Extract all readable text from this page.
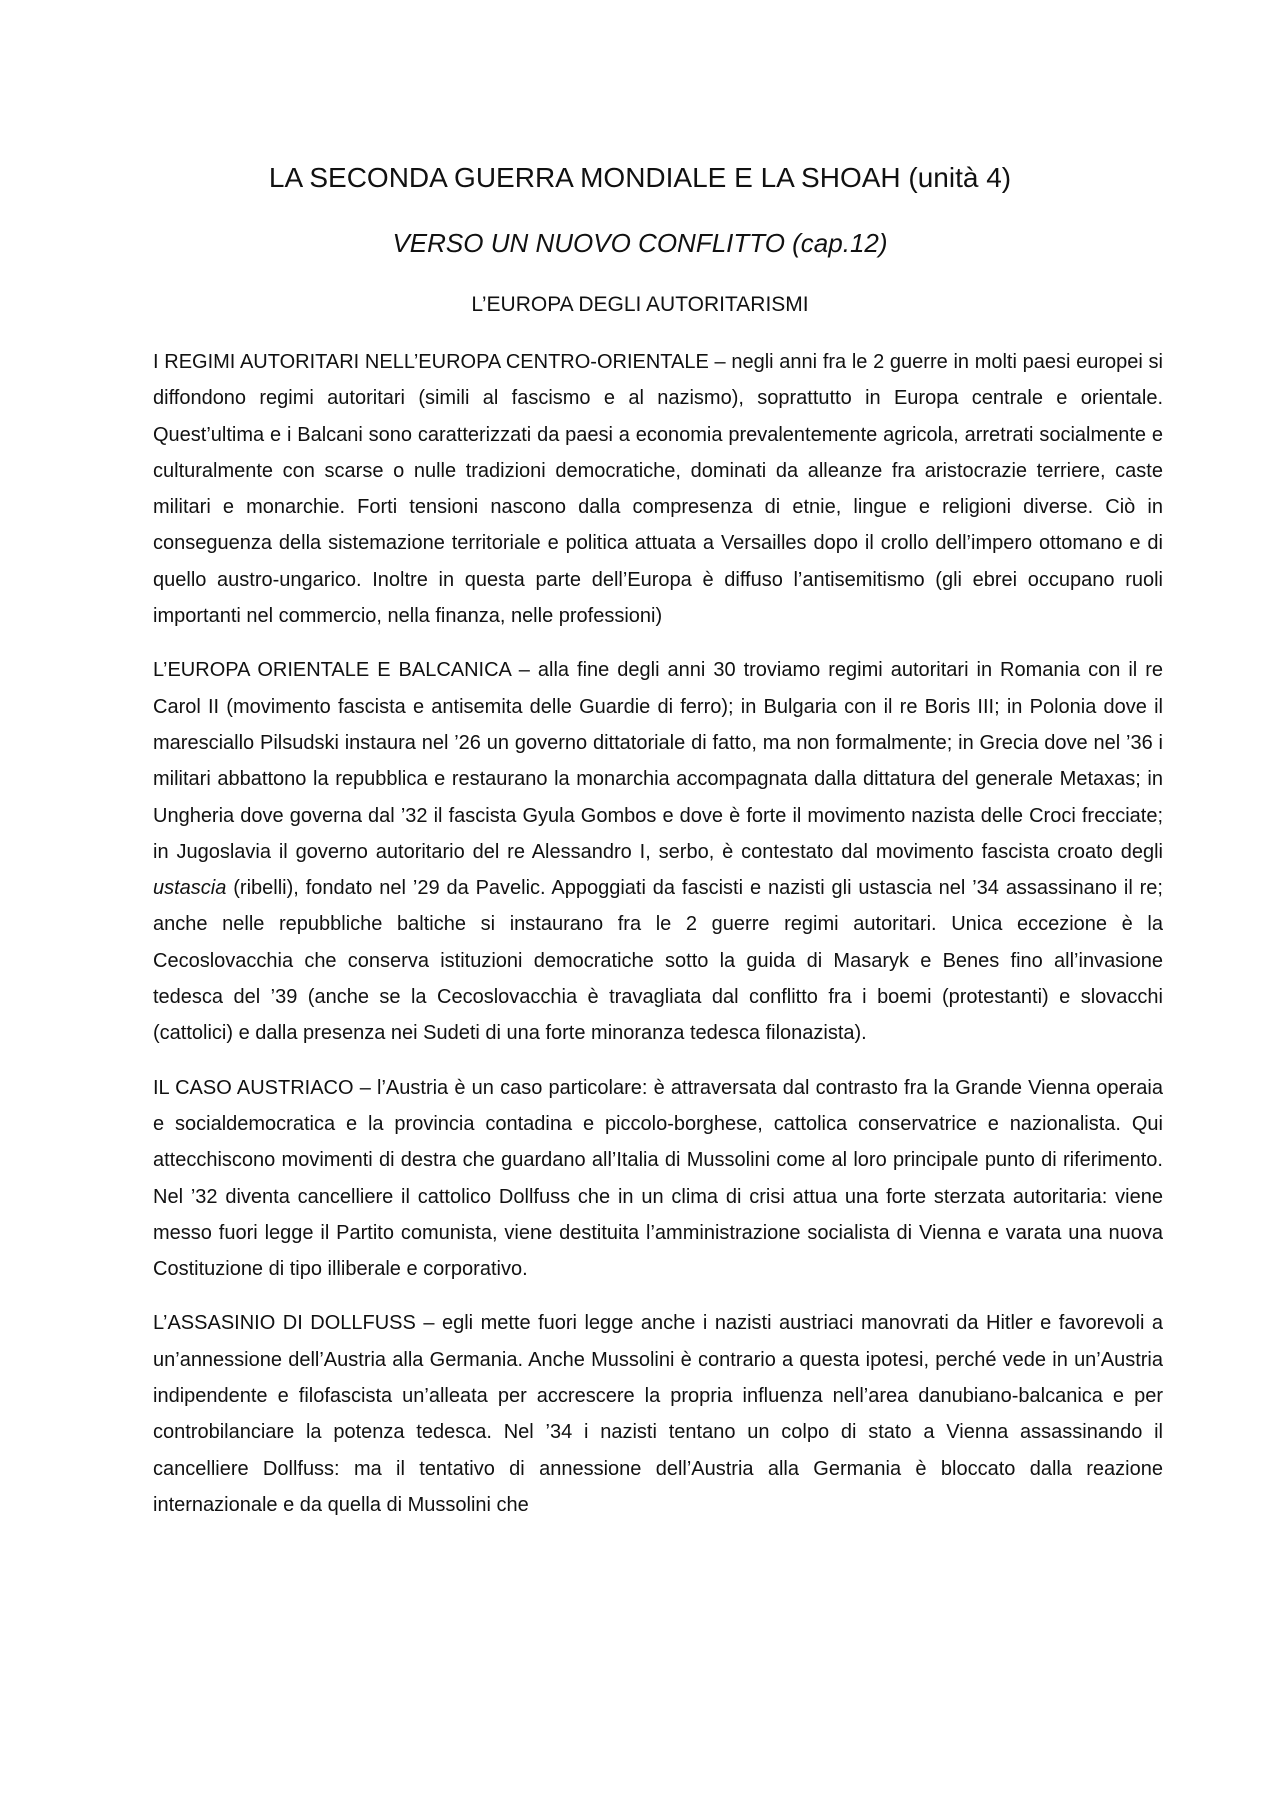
LA SECONDA GUERRA MONDIALE E LA SHOAH (unità 4)
VERSO UN NUOVO CONFLITTO (cap.12)
L’EUROPA DEGLI AUTORITARISMI

I REGIMI AUTORITARI NELL’EUROPA CENTRO-ORIENTALE – negli anni fra le 2 guerre in molti paesi europei si diffondono regimi autoritari (simili al fascismo e al nazismo), soprattutto in Europa centrale e orientale. Quest’ultima e i Balcani sono caratterizzati da paesi a economia prevalentemente agricola, arretrati socialmente e culturalmente con scarse o nulle tradizioni democratiche, dominati da alleanze fra aristocrazie terriere, caste militari e monarchie. Forti tensioni nascono dalla compresenza di etnie, lingue e religioni diverse. Ciò in conseguenza della sistemazione territoriale e politica attuata a Versailles dopo il crollo dell’impero ottomano e di quello austro-ungarico. Inoltre in questa parte dell’Europa è diffuso l’antisemitismo (gli ebrei occupano ruoli importanti nel commercio, nella finanza, nelle professioni)

L’EUROPA ORIENTALE E BALCANICA – alla fine degli anni 30 troviamo regimi autoritari in Romania con il re Carol II (movimento fascista e antisemita delle Guardie di ferro); in Bulgaria con il re Boris III; in Polonia dove il maresciallo Pilsudski instaura nel ’26 un governo dittatoriale di fatto, ma non formalmente; in Grecia dove nel ’36 i militari abbattono la repubblica e restaurano la monarchia accompagnata dalla dittatura del generale Metaxas; in Ungheria dove governa dal ’32 il fascista Gyula Gombos e dove è forte il movimento nazista delle Croci frecciate; in Jugoslavia il governo autoritario del re Alessandro I, serbo, è contestato dal movimento fascista croato degli ustascia (ribelli), fondato nel ’29 da Pavelic. Appoggiati da fascisti e nazisti gli ustascia nel ’34 assassinano il re; anche nelle repubbliche baltiche si instaurano fra le 2 guerre regimi autoritari. Unica eccezione è la Cecoslovacchia che conserva istituzioni democratiche sotto la guida di Masaryk e Benes fino all’invasione tedesca del ’39 (anche se la Cecoslovacchia è travagliata dal conflitto fra i boemi (protestanti) e slovacchi (cattolici) e dalla presenza nei Sudeti di una forte minoranza tedesca filonazista).

IL CASO AUSTRIACO – l’Austria è un caso particolare: è attraversata dal contrasto fra la Grande Vienna operaia e socialdemocratica e la provincia contadina e piccolo-borghese, cattolica conservatrice e nazionalista. Qui attecchiscono movimenti di destra che guardano all’Italia di Mussolini come al loro principale punto di riferimento. Nel ’32 diventa cancelliere il cattolico Dollfuss che in un clima di crisi attua una forte sterzata autoritaria: viene messo fuori legge il Partito comunista, viene destituita l’amministrazione socialista di Vienna e varata una nuova Costituzione di tipo illiberale e corporativo.

L’ASSASINIO DI DOLLFUSS – egli mette fuori legge anche i nazisti austriaci manovrati da Hitler e favorevoli a un’annessione dell’Austria alla Germania. Anche Mussolini è contrario a questa ipotesi, perché vede in un’Austria indipendente e filofascista un’alleata per accrescere la propria influenza nell’area danubiano-balcanica e per controbilanciare la potenza tedesca. Nel ’34 i nazisti tentano un colpo di stato a Vienna assassinando il cancelliere Dollfuss: ma il tentativo di annessione dell’Austria alla Germania è bloccato dalla reazione internazionale e da quella di Mussolini che
